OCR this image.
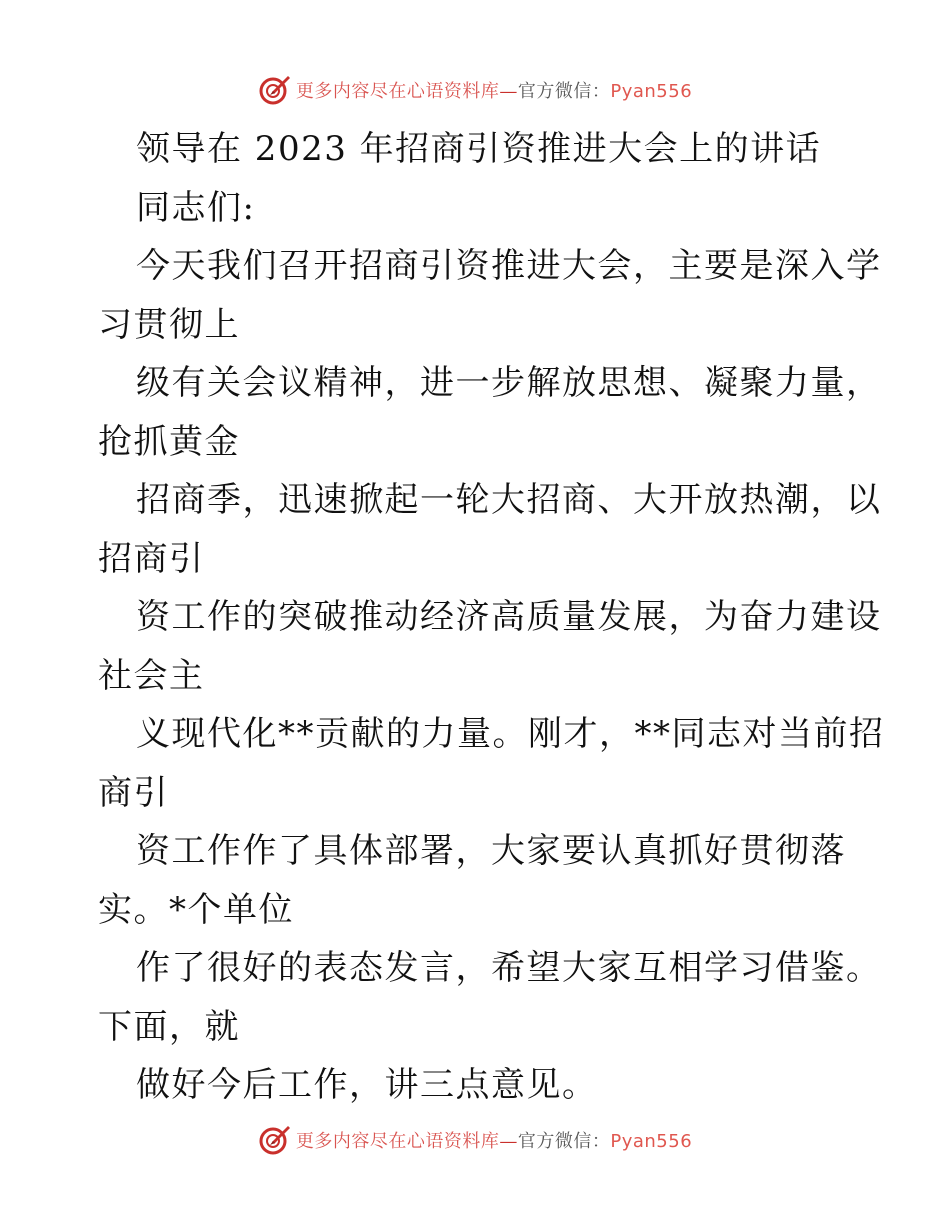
更多内容尽在心语资料库—官方微信：Pyan556
领导在 2023 年招商引资推进大会上的讲话
同志们:
今天我们召开招商引资推进大会，主要是深入学
习贯彻上
级有关会议精神，进一步解放思想、凝聚力量，
抢抓黄金
招商季，迅速掀起一轮大招商、大开放热潮，以
招商引
资工作的突破推动经济高质量发展，为奋力建设
社会主
义现代化**贡献的力量。刚才，**同志对当前招
商引
资工作作了具体部署，大家要认真抓好贯彻落
实。*个单位
作了很好的表态发言，希望大家互相学习借鉴。
下面，就
做好今后工作，讲三点意见。
更多内容尽在心语资料库—官方微信：Pyan556
